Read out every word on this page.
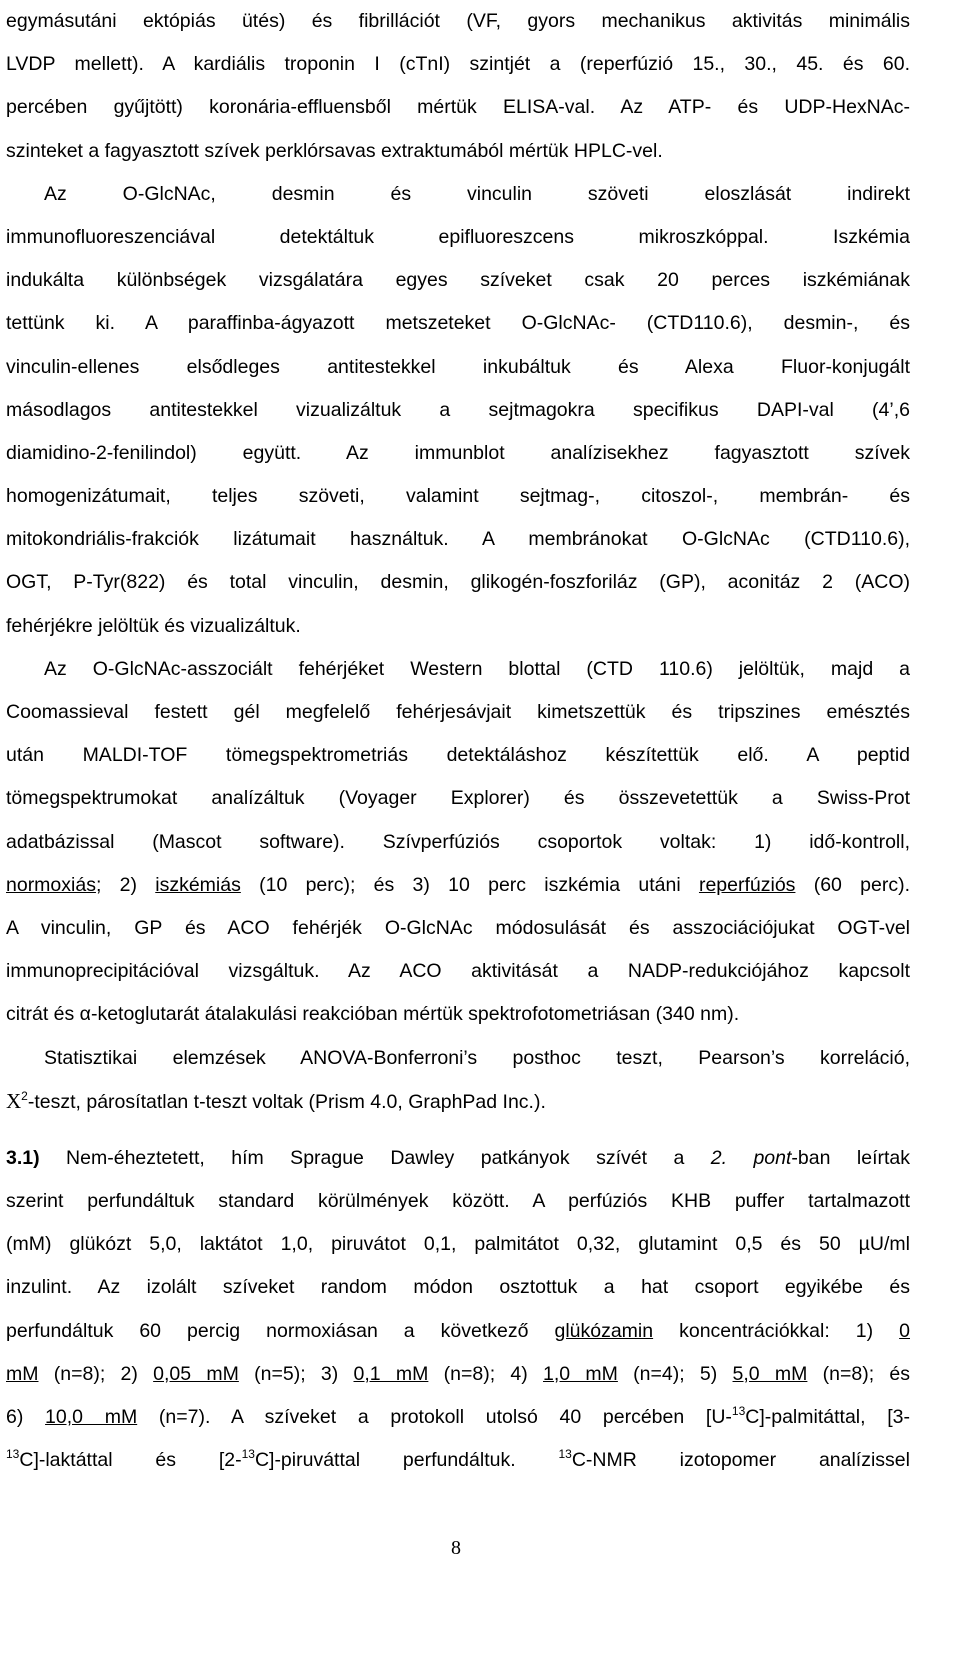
egymásutáni ektópiás ütés) és fibrillációt (VF, gyors mechanikus aktivitás minimális
LVDP mellett). A kardiális troponin I (cTnI) szintjét a (reperfúzió 15., 30., 45. és 60.
percében gyűjtött) koronária-effluensből mértük ELISA-val. Az ATP- és UDP-HexNAc-
szinteket a fagyasztott szívek perklórsavas extraktumából mértük HPLC-vel.
Az O-GlcNAc, desmin és vinculin szöveti eloszlását indirekt
immunofluoreszenciával detektáltuk epifluoreszcens mikroszkóppal. Iszkémia
indukálta különbségek vizsgálatára egyes szíveket csak 20 perces iszkémiának
tettünk ki. A paraffinba-ágyazott metszeteket O-GlcNAc- (CTD110.6), desmin-, és
vinculin-ellenes elsődleges antitestekkel inkubáltuk és Alexa Fluor-konjugált
másodlagos antitestekkel vizualizáltuk a sejtmagokra specifikus DAPI-val (4’,6
diamidino-2-fenilindol) együtt. Az immunblot analízisekhez fagyasztott szívek
homogenizátumait, teljes szöveti, valamint sejtmag-, citoszol-, membrán- és
mitokondriális-frakciók lizátumait használtuk. A membránokat O-GlcNAc (CTD110.6),
OGT, P-Tyr(822) és total vinculin, desmin, glikogén-foszforiláz (GP), aconitáz 2 (ACO)
fehérjékre jelöltük és vizualizáltuk.
Az O-GlcNAc-asszociált fehérjéket Western blottal (CTD 110.6) jelöltük, majd a
Coomassieval festett gél megfelelő fehérjesávjait kimetszettük és tripszines emésztés
után MALDI-TOF tömegspektrometriás detektáláshoz készítettük elő. A peptid
tömegspektrumokat analízáltuk (Voyager Explorer) és összevetettük a Swiss-Prot
adatbázissal (Mascot software). Szívperfúziós csoportok voltak: 1) idő-kontroll,
normoxiás; 2) iszkémiás (10 perc); és 3) 10 perc iszkémia utáni reperfúziós (60 perc).
A vinculin, GP és ACO fehérjék O-GlcNAc módosulását és asszociációjukat OGT-vel
immunoprecipitációval vizsgáltuk. Az ACO aktivitását a NADP-redukciójához kapcsolt
citrát és α-ketoglutarát átalakulási reakcióban mértük spektrofotometriásan (340 nm).
Statisztikai elemzések ANOVA-Bonferroni’s posthoc teszt, Pearson’s korreláció,
$X^2$-teszt, párosítatlan t-teszt voltak (Prism 4.0, GraphPad Inc.).
3.1) Nem-éheztetett, hím Sprague Dawley patkányok szívét a 2. pont-ban leírtak
szerint perfundáltuk standard körülmények között. A perfúziós KHB puffer tartalmazott
(mM) glükózt 5,0, laktátot 1,0, piruvátot 0,1, palmitátot 0,32, glutamint 0,5 és 50 µU/ml
inzulint. Az izolált szíveket random módon osztottuk a hat csoport egyikébe és
perfundáltuk 60 percig normoxiásan a következő glükózamin koncentrációkkal: 1) 0
mM (n=8); 2) 0,05 mM (n=5); 3) 0,1 mM (n=8); 4) 1,0 mM (n=4); 5) 5,0 mM (n=8); és
6) 10,0 mM (n=7). A szíveket a protokoll utolsó 40 percében [U-$^{13}$C]-palmitáttal, [3-
$^{13}$C]-laktáttal és [2-$^{13}$C]-piruváttal perfundáltuk. $^{13}$C-NMR izotopomer analízissel
8
